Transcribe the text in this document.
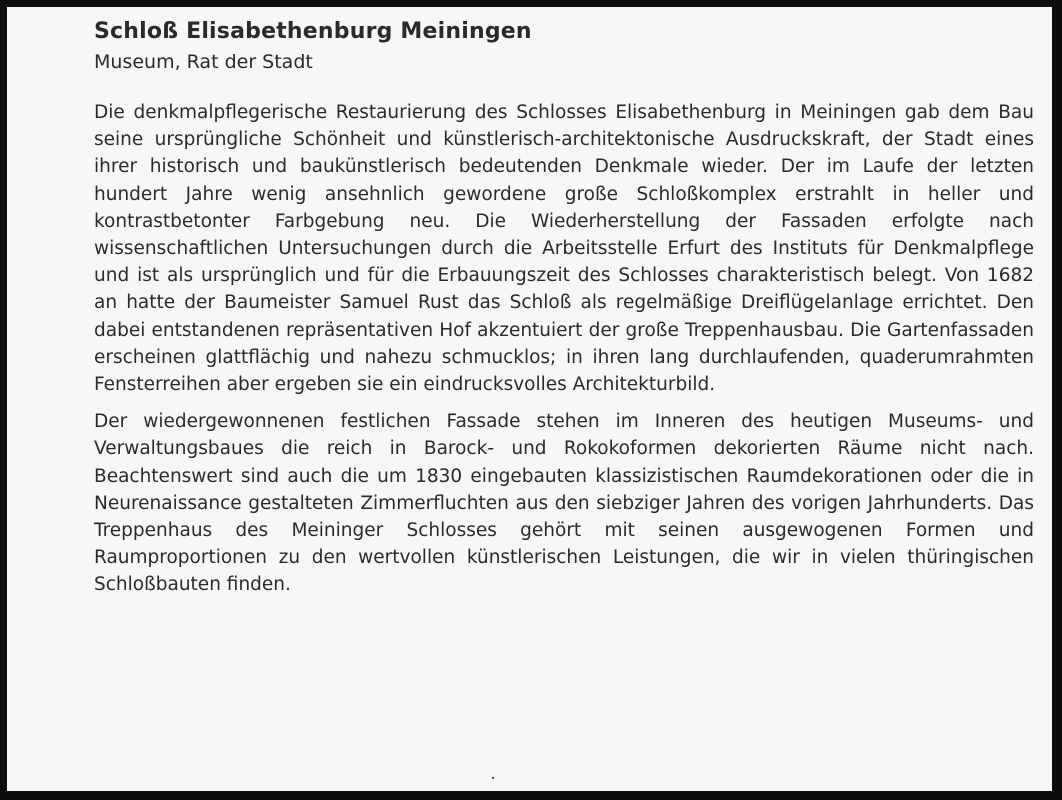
Schloß Elisabethenburg Meiningen
Museum, Rat der Stadt

Die denkmalpflegerische Restaurierung des Schlosses Elisabethenburg in Meiningen gab dem Bau seine ursprüngliche Schönheit und künstlerisch-architektonische Ausdruckskraft, der Stadt eines ihrer historisch und baukünstlerisch bedeutenden Denkmale wieder. Der im Laufe der letzten hundert Jahre wenig ansehnlich gewordene große Schloßkomplex erstrahlt in heller und kontrastbetonter Farbgebung neu. Die Wiederherstellung der Fassaden erfolgte nach wissenschaftlichen Untersuchungen durch die Arbeitsstelle Erfurt des Instituts für Denkmalpflege und ist als ursprünglich und für die Erbauungszeit des Schlosses charakteristisch belegt. Von 1682 an hatte der Baumeister Samuel Rust das Schloß als regelmäßige Dreiflügelanlage errichtet. Den dabei entstandenen repräsentativen Hof akzentuiert der große Treppenhausbau. Die Gartenfassaden erscheinen glattflächig und nahezu schmucklos; in ihren lang durchlaufenden, quaderumrahmten Fensterreihen aber ergeben sie ein eindrucksvolles Architekturbild.

Der wiedergewonnenen festlichen Fassade stehen im Inneren des heutigen Museums- und Verwaltungsbaues die reich in Barock- und Rokokoformen dekorierten Räume nicht nach. Beachtenswert sind auch die um 1830 eingebauten klassizistischen Raumdekorationen oder die in Neurenaissance gestalteten Zimmerfluchten aus den siebziger Jahren des vorigen Jahrhunderts. Das Treppenhaus des Meininger Schlosses gehört mit seinen ausgewogenen Formen und Raumproportionen zu den wertvollen künstlerischen Leistungen, die wir in vielen thüringischen Schloßbauten finden.
